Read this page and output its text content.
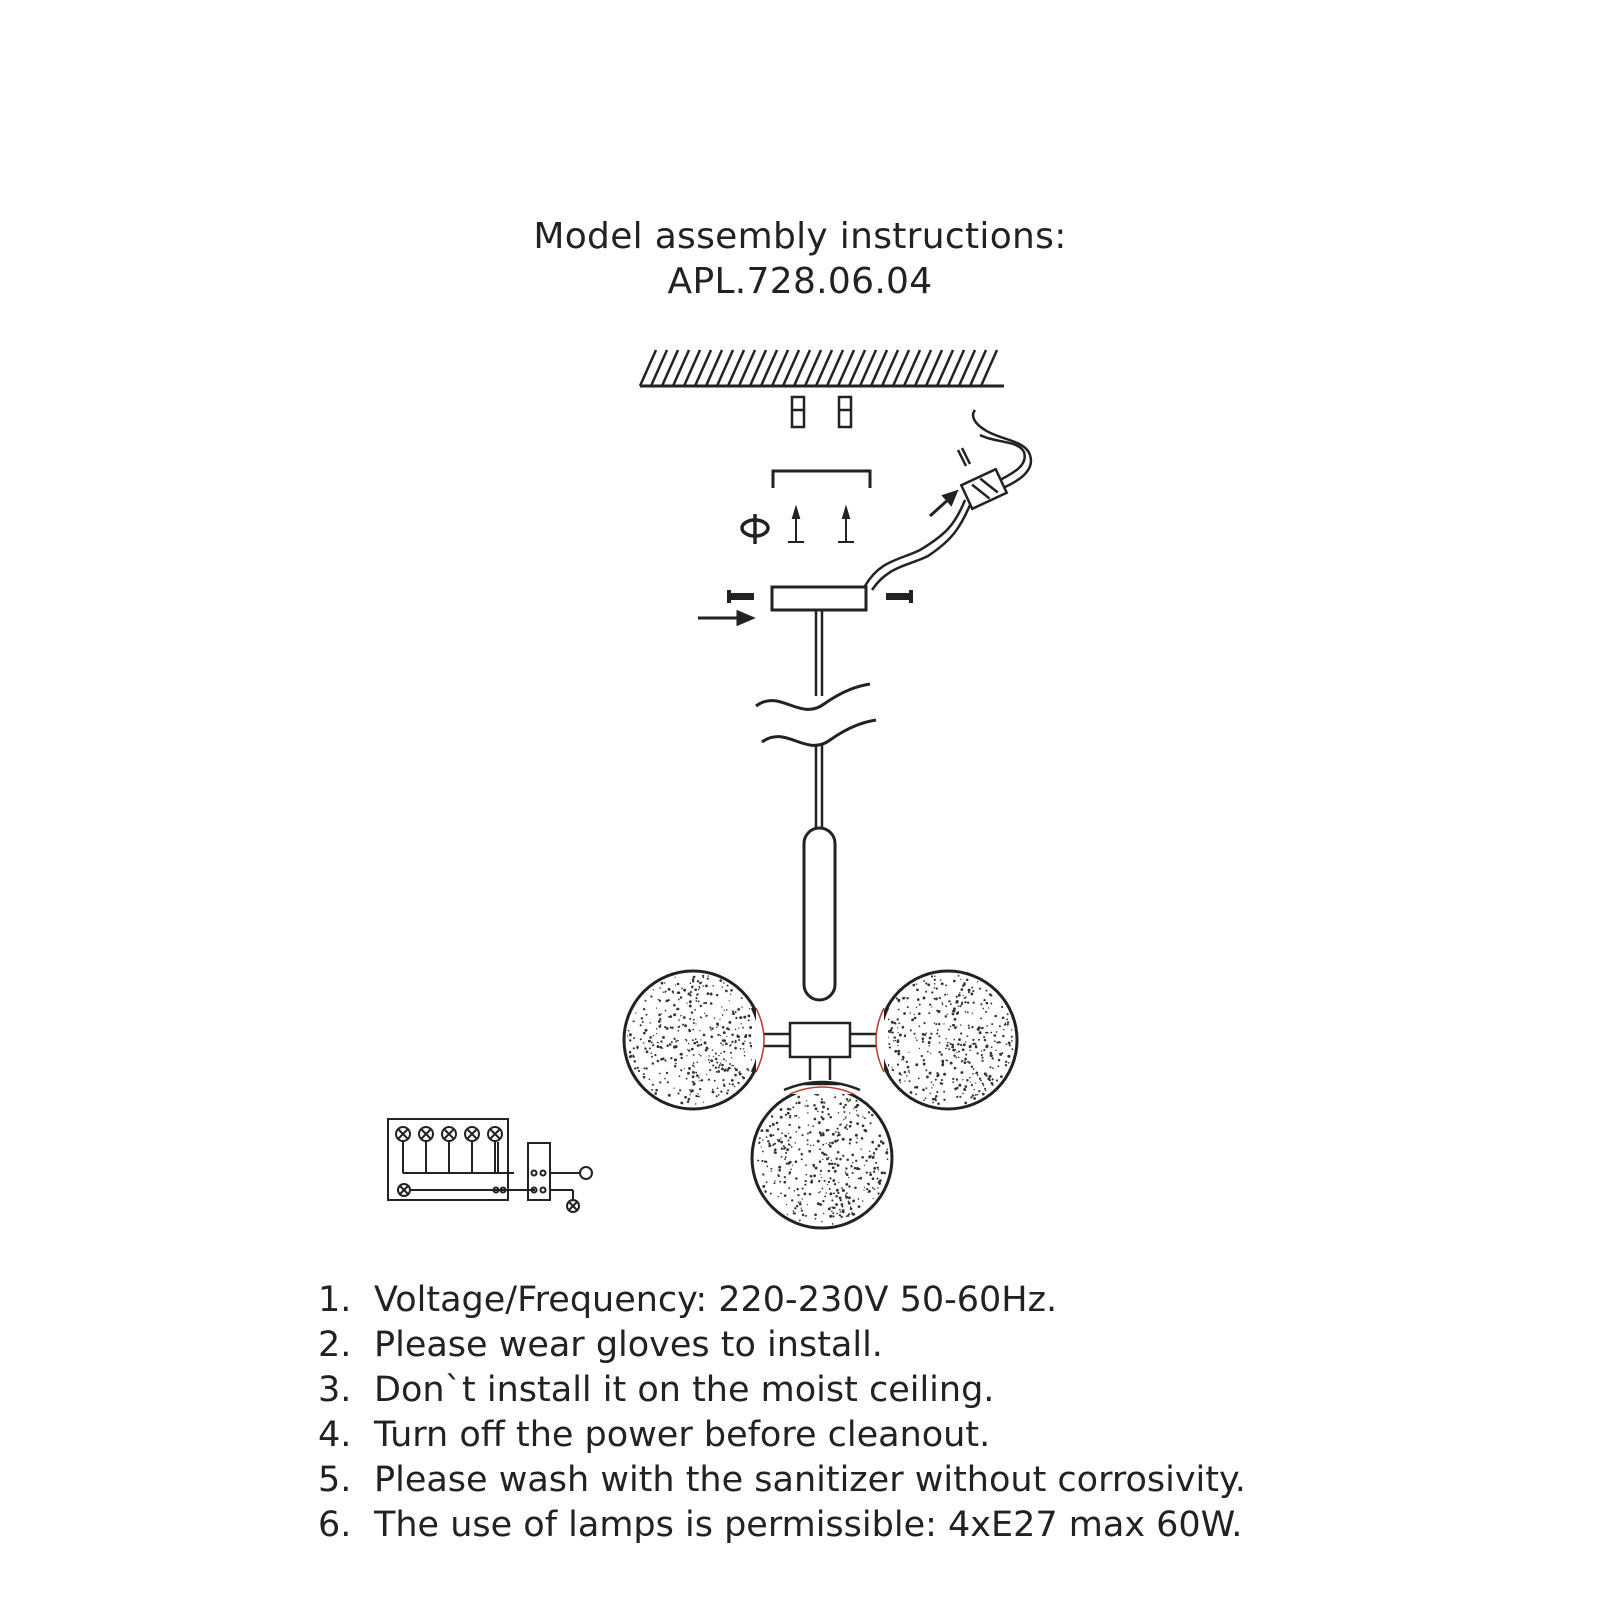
Model assembly instructions:
APL.728.06.04
1. Voltage/Frequency: 220-230V 50-60Hz.
2. Please wear gloves to install.
3. Don`t install it on the moist ceiling.
4. Turn off the power before cleanout.
5. Please wash with the sanitizer without corrosivity.
6. The use of lamps is permissible: 4xE27 max 60W.
